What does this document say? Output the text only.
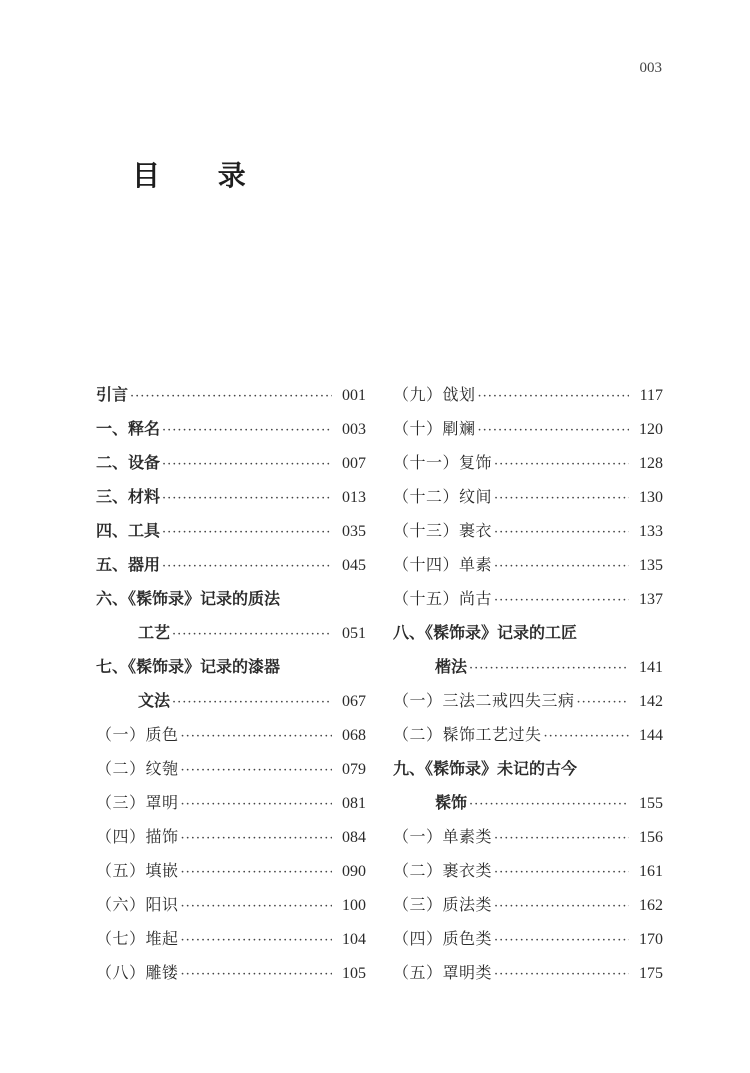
003
目 录
引言 ·····	001
一、释名 ·····	003
二、设备 ·····	007
三、材料 ·····	013
四、工具 ·····	035
五、器用 ·····	045
六、《髹饰录》记录的质法
工艺 ·····	051
七、《髹饰录》记录的漆器
文法 ·····	067
（一）质色 ·····	068
（二）纹匏 ·····	079
（三）罩明 ·····	081
（四）描饰 ·····	084
（五）填嵌 ·····	090
（六）阳识 ·····	100
（七）堆起 ·····	104
（八）雕镂 ·····	105
（九）戗划 ·····	117
（十）㓾斓 ·····	120
（十一）复饰 ·····	128
（十二）纹间 ·····	130
（十三）裹衣 ·····	133
（十四）单素 ·····	135
（十五）尚古 ·····	137
八、《髹饰录》记录的工匠
楷法 ·····	141
（一）三法二戒四失三病 ·····	142
（二）髹饰工艺过失 ·····	144
九、《髹饰录》未记的古今
髹饰 ·····	155
（一）单素类 ·····	156
（二）裹衣类 ·····	161
（三）质法类 ·····	162
（四）质色类 ·····	170
（五）罩明类 ·····	175
